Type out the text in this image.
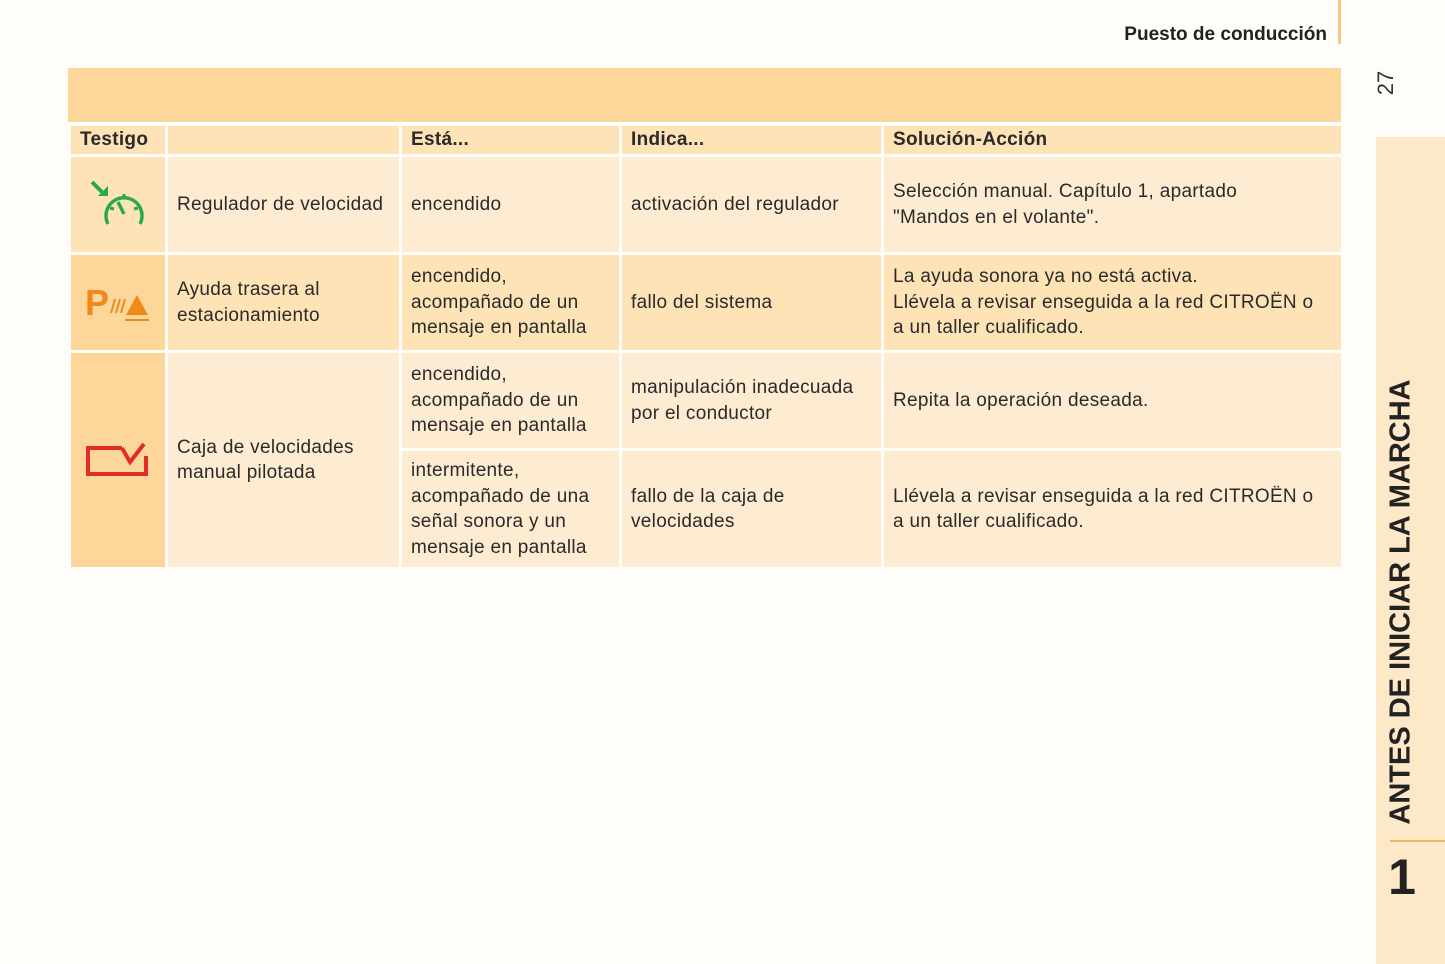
Puesto de conducción
27
ANTES DE INICIAR LA MARCHA
1
Testigo		Está...	Indica...	Solución-Acción

	Regulador de velocidad	encendido	activación del regulador	Selección manual. Capítulo 1, apartado
"Mandos en el volante".

P	Ayuda trasera al
estacionamiento	encendido,
acompañado de un
mensaje en pantalla	fallo del sistema	La ayuda sonora ya no está activa.
Llévela a revisar enseguida a la red CITROËN o
a un taller cualificado.

	Caja de velocidades
manual pilotada	encendido,
acompañado de un
mensaje en pantalla	manipulación inadecuada
por el conductor	Repita la operación deseada.
		intermitente,
acompañado de una
señal sonora y un
mensaje en pantalla	fallo de la caja de
velocidades	Llévela a revisar enseguida a la red CITROËN o
a un taller cualificado.
